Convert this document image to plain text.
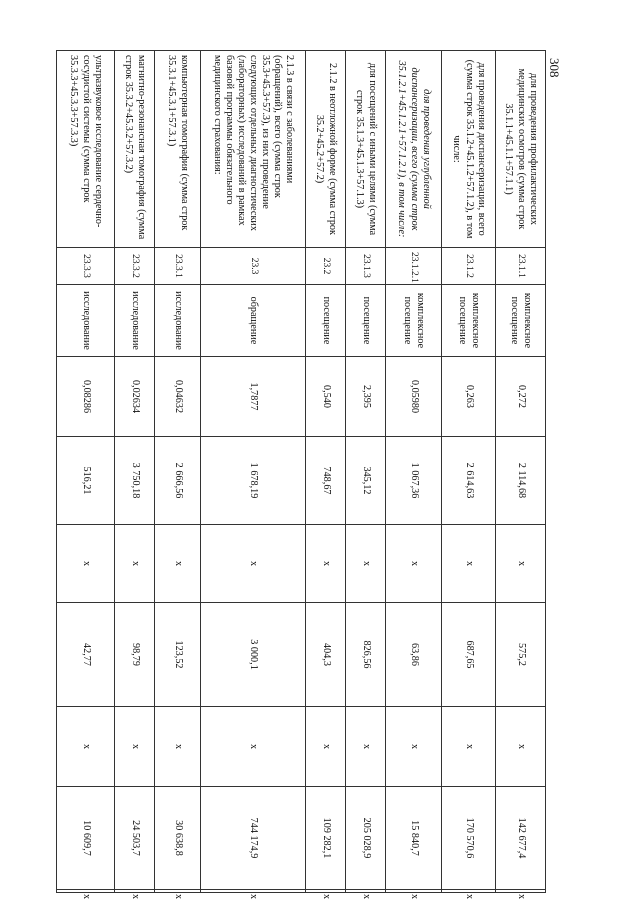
308
для проведения профилактических медицинских осмотров (сумма строк 35.1.1+45.1.1+57.1.1)	23.1.1	комплексное посещение	0,272	2 114,68	х	575,2	х	142 677,4	х
для проведения диспансеризации, всего (сумма строк 35.1.2+45.1.2+57.1.2), в том числе:	23.1.2	комплексное посещение	0,263	2 614,63	х	687,65	х	170 570,6	х
для проведения углубленной диспансеризации, всего (сумма строк 35.1.2.1+45.1.2.1+57.1.2.1), в том числе:	23.1.2.1	комплексное посещение	0,05980	1 067,36	х	63,86	х	15 840,7	х
для посещений с иными целями (сумма строк 35.1.3+45.1.3+57.1.3)	23.1.3	посещение	2,395	345,12	х	826,56	х	205 028,9	х
2.1.2 в неотложной форме (сумма строк 35.2+45.2+57.2)	23.2	посещение	0,540	748,67	х	404,3	х	109 282,1	х
2.1.3 в связи с заболеваниями (обращений), всего (сумма строк 35.3+45.3+57.3), из них проведение следующих отдельных диагностических (лабораторных) исследований в рамках базовой программы обязательного медицинского страхования:	23.3	обращение	1,7877	1 678,19	х	3 000,1	х	744 174,9	х
компьютерная томография (сумма строк 35.3.1+45.3.1+57.3.1)	23.3.1	исследование	0,04632	2 666,56	х	123,52	х	30 638,8	х
магнитно-резонансная томография (сумма строк 35.3.2+45.3.2+57.3.2)	23.3.2	исследование	0,02634	3 750,18	х	98,79	х	24 503,7	х
ультразвуковое исследование сердечно-сосудистой системы (сумма строк 35.3.3+45.3.3+57.3.3)	23.3.3	исследование	0,08286	516,21	х	42,77	х	10 609,7	х
